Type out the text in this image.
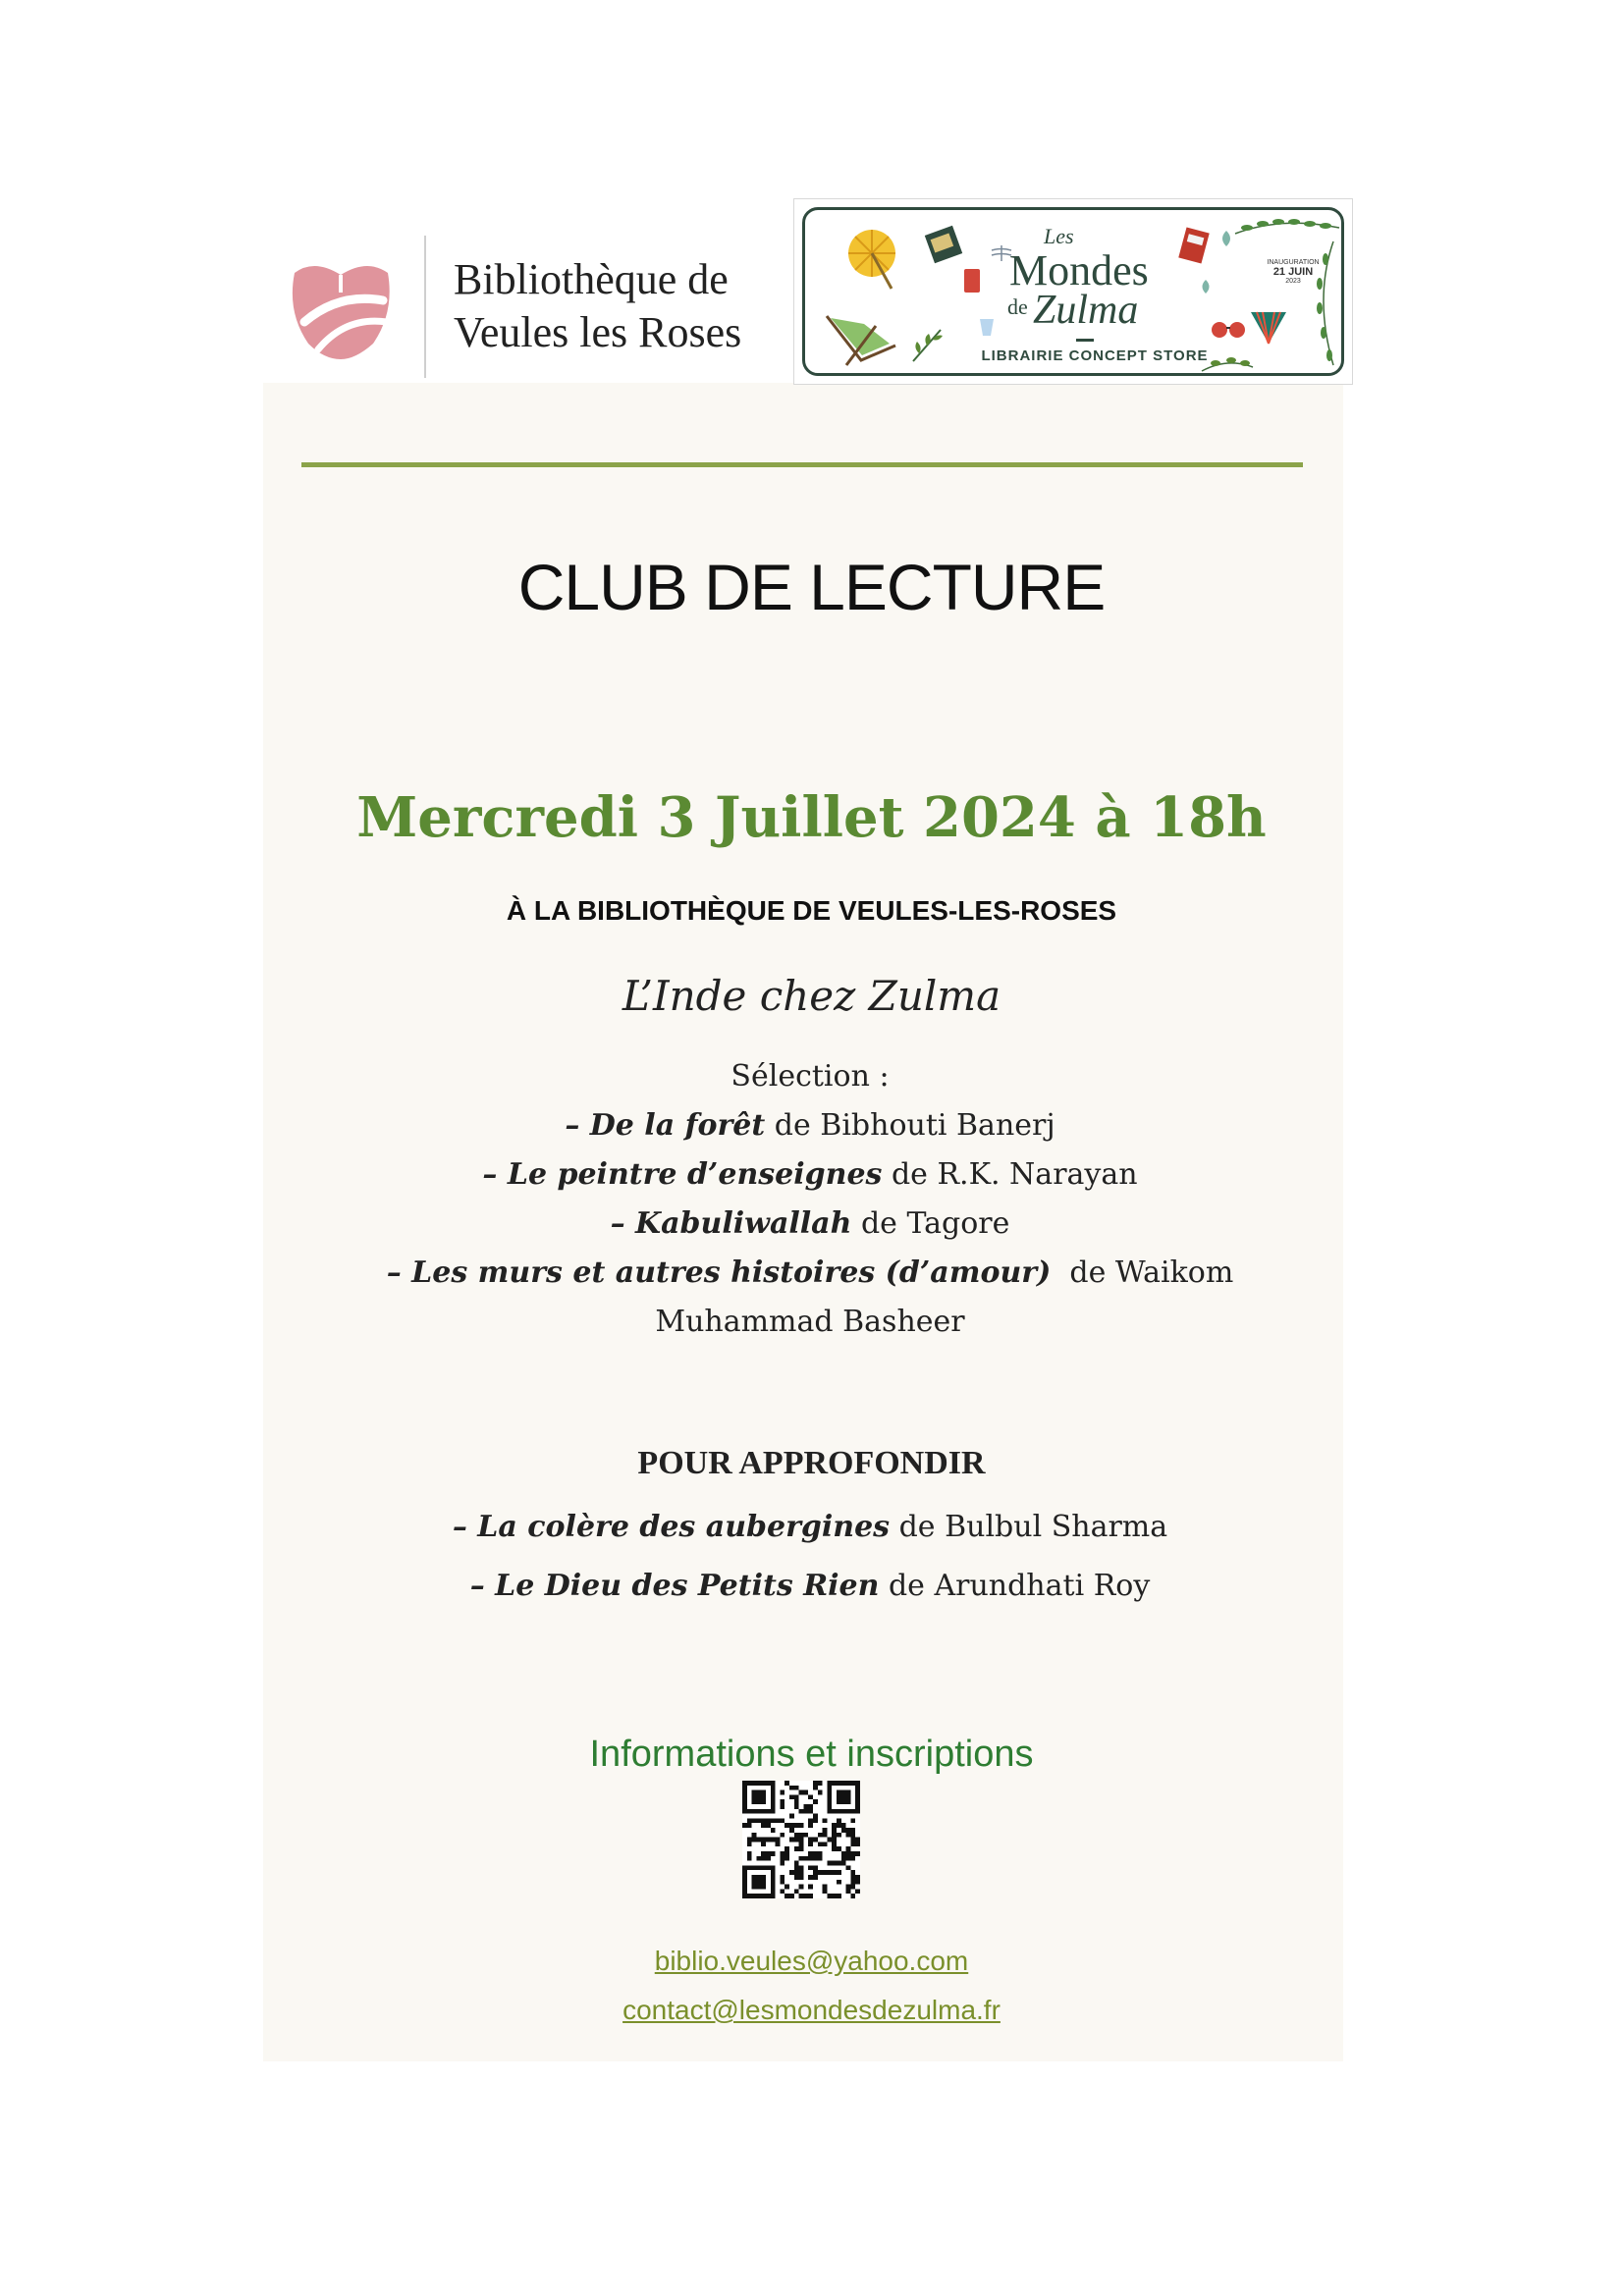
Bibliothèque de
Veules les Roses
Les
Mondes
de Zulma
LIBRAIRIE CONCEPT STORE
INAUGURATION
21 JUIN
2023
CLUB DE LECTURE
Mercredi 3 Juillet 2024 à 18h
À LA BIBLIOTHÈQUE DE VEULES-LES-ROSES
L’Inde chez Zulma
Sélection :
– De la forêt de Bibhouti Banerj
– Le peintre d’enseignes de R.K. Narayan
– Kabuliwallah de Tagore
– Les murs et autres histoires (d’amour)  de Waikom
Muhammad Basheer
POUR APPROFONDIR
– La colère des aubergines de Bulbul Sharma
– Le Dieu des Petits Rien de Arundhati Roy
Informations et inscriptions
biblio.veules@yahoo.com
contact@lesmondesdezulma.fr
